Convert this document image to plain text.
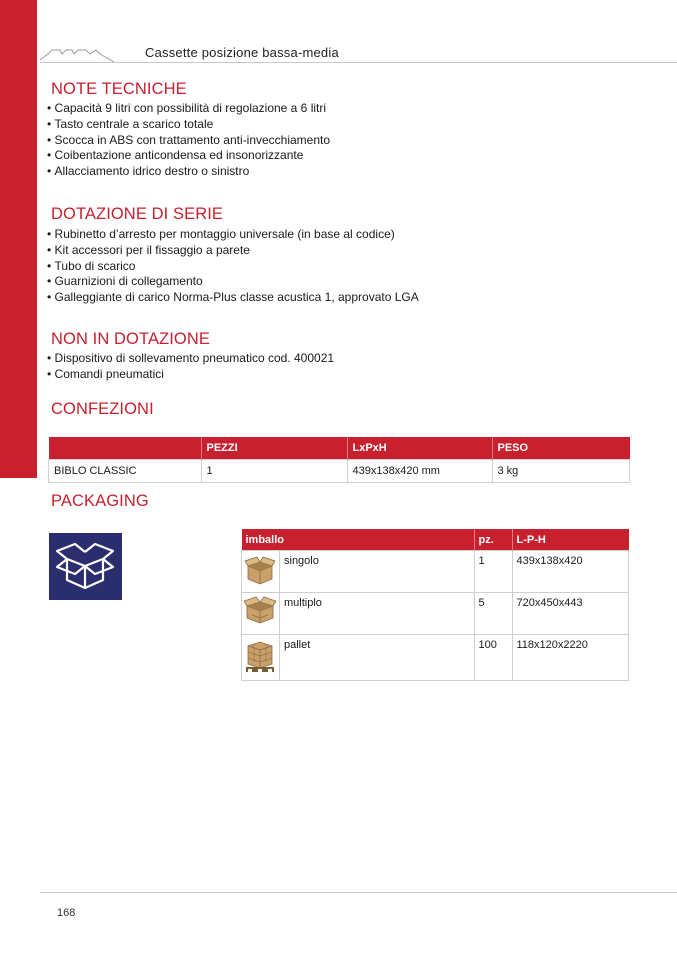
Cassette posizione bassa-media
NOTE TECNICHE
• Capacità 9 litri con possibilità di regolazione a 6 litri
• Tasto centrale a scarico totale
• Scocca in ABS con trattamento anti-invecchiamento
• Coibentazione anticondensa ed insonorizzante
• Allacciamento idrico destro o sinistro
DOTAZIONE DI SERIE
• Rubinetto d’arresto per montaggio universale (in base al codice)
• Kit accessori per il fissaggio a parete
• Tubo di scarico
• Guarnizioni di collegamento
• Galleggiante di carico Norma-Plus classe acustica 1, approvato LGA
NON IN DOTAZIONE
• Dispositivo di sollevamento pneumatico cod. 400021
• Comandi pneumatici
CONFEZIONI
	PEZZI	LxPxH	PESO
BIBLO CLASSIC	1	439x138x420 mm	3 kg
PACKAGING
imballo		pz.	L-P-H
	singolo	1	439x138x420
	multiplo	5	720x450x443
	pallet	100	118x120x2220
168
